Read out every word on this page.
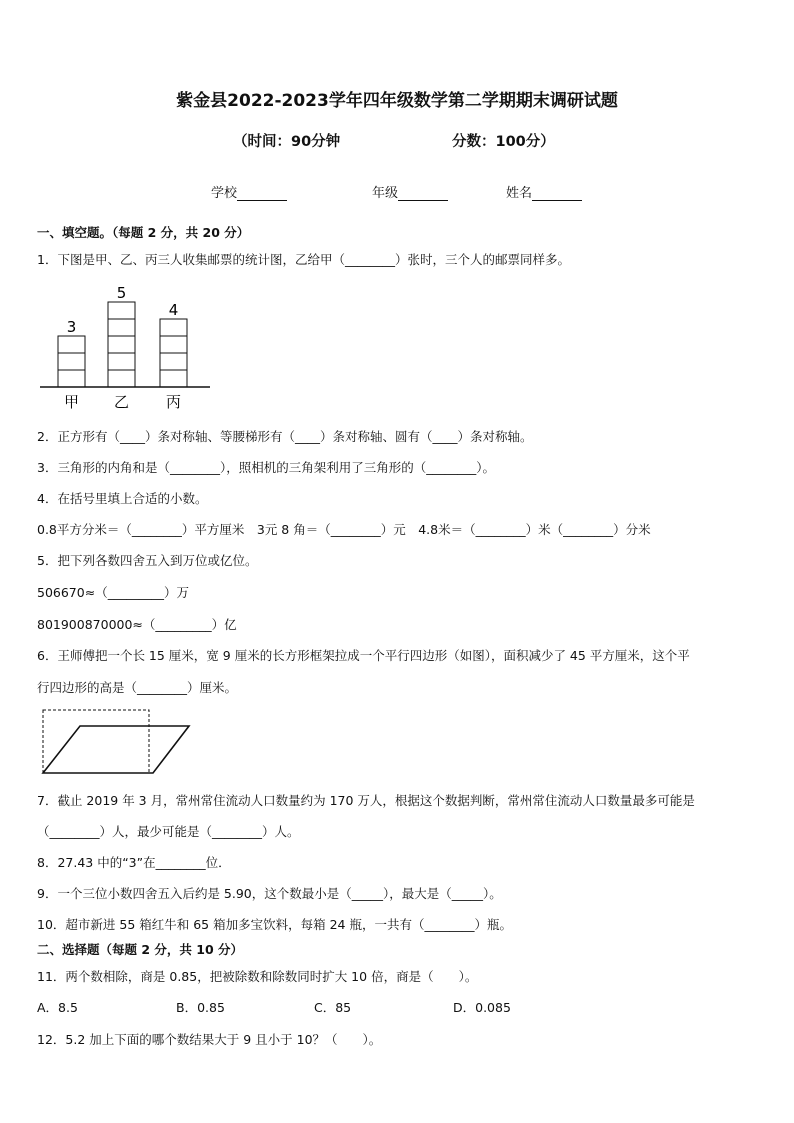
紫金县2022-2023学年四年级数学第二学期期末调研试题
（时间：90分钟	分数：100分）
学校	年级	姓名
一、填空题。（每题 2 分，共 20 分）
1．下图是甲、乙、丙三人收集邮票的统计图，乙给甲（________）张时，三个人的邮票同样多。
3
甲
5
乙
4
丙
2．正方形有（____）条对称轴、等腰梯形有（____）条对称轴、圆有（____）条对称轴。
3．三角形的内角和是（________），照相机的三角架利用了三角形的（________）。
4．在括号里填上合适的小数。
0.8平方分米＝（________）平方厘米　3元 8 角＝（________）元　4.8米＝（________）米（________）分米
5．把下列各数四舍五入到万位或亿位。
506670≈（_________）万
801900870000≈（_________）亿
6．王师傅把一个长 15 厘米，宽 9 厘米的长方形框架拉成一个平行四边形（如图），面积减少了 45 平方厘米，这个平
行四边形的高是（________）厘米。
7．截止 2019 年 3 月，常州常住流动人口数量约为 170 万人，根据这个数据判断，常州常住流动人口数量最多可能是
（________）人，最少可能是（________）人。
8．27.43 中的“3”在________位．
9．一个三位小数四舍五入后约是 5.90，这个数最小是（_____），最大是（_____）。
10．超市新进 55 箱红牛和 65 箱加多宝饮料，每箱 24 瓶，一共有（________）瓶。
二、选择题（每题 2 分，共 10 分）
11．两个数相除，商是 0.85，把被除数和除数同时扩大 10 倍，商是（　　）。
A．8.5	B．0.85	C．85	D．0.085
12．5.2 加上下面的哪个数结果大于 9 且小于 10？（　　）。
